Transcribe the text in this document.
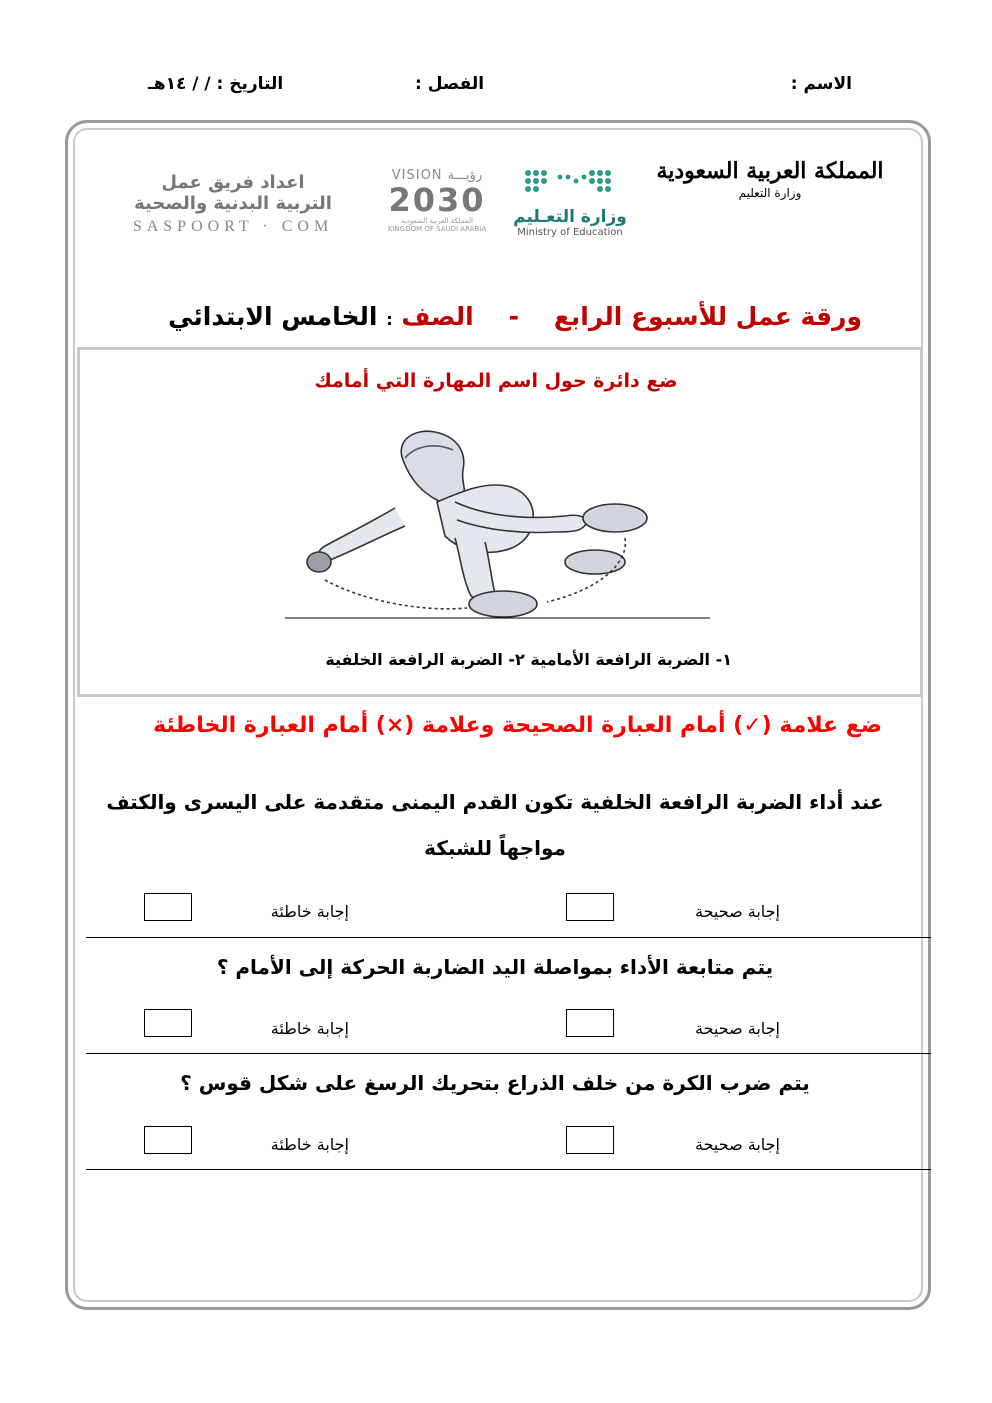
الاسم :
الفصل :
التاريخ : / / ١٤هـ
المملكة العربية السعودية
وزارة التعليم
وزارة التعـليم
Ministry of Education
VISION رؤيـــة
2030
المملكة العربية السعودية
KINGDOM OF SAUDI ARABIA
اعداد فريق عمل
التربية البدنية والصحية
SASPOORT · COM
ورقة عمل للأسبوع الرابع    -    الصف : الخامس الابتدائي
ضع دائرة حول اسم المهارة التي أمامك
١- الضربة الرافعة الأمامية ٢- الضربة الرافعة الخلفية
ضع علامة (✓) أمام العبارة الصحيحة وعلامة (×) أمام العبارة الخاطئة
عند أداء الضربة الرافعة الخلفية تكون القدم اليمنى متقدمة على اليسرى والكتف
مواجهاً للشبكة
إجابة صحيحة
إجابة خاطئة
يتم متابعة الأداء بمواصلة اليد الضاربة الحركة إلى الأمام ؟
إجابة صحيحة
إجابة خاطئة
يتم ضرب الكرة من خلف الذراع بتحريك الرسغ على شكل قوس ؟
إجابة صحيحة
إجابة خاطئة
